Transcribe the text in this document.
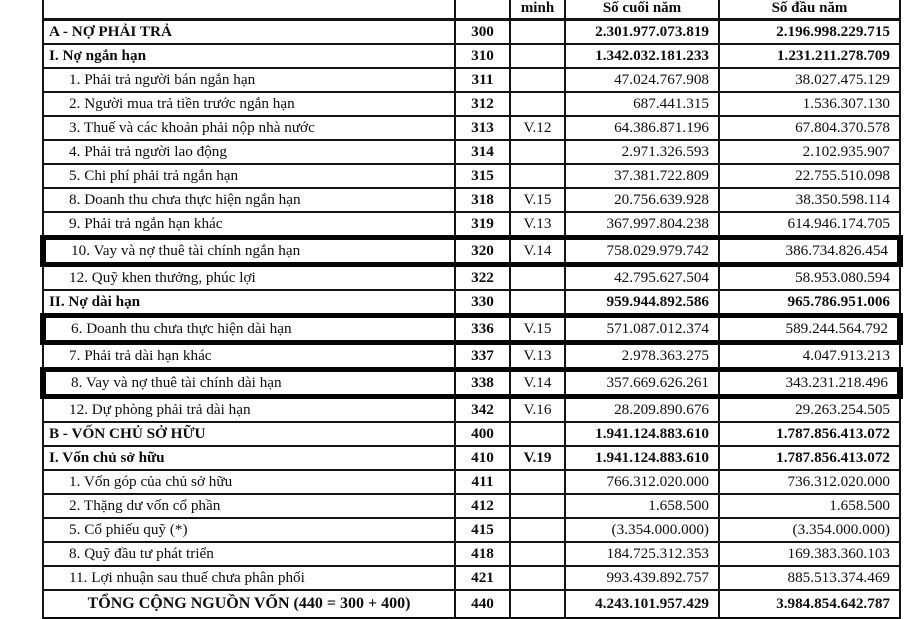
		minh	Số cuối năm	Số đầu năm
A - NỢ PHẢI TRẢ	300		2.301.977.073.819	2.196.998.229.715
I. Nợ ngắn hạn	310		1.342.032.181.233	1.231.211.278.709
1. Phải trả người bán ngắn hạn	311		47.024.767.908	38.027.475.129
2. Người mua trả tiền trước ngắn hạn	312		687.441.315	1.536.307.130
3. Thuế và các khoản phải nộp nhà nước	313	V.12	64.386.871.196	67.804.370.578
4. Phải trả người lao động	314		2.971.326.593	2.102.935.907
5. Chi phí phải trả ngắn hạn	315		37.381.722.809	22.755.510.098
8. Doanh thu chưa thực hiện ngắn hạn	318	V.15	20.756.639.928	38.350.598.114
9. Phải trả ngắn hạn khác	319	V.13	367.997.804.238	614.946.174.705
10. Vay và nợ thuê tài chính ngắn hạn	320	V.14	758.029.979.742	386.734.826.454
12. Quỹ khen thưởng, phúc lợi	322		42.795.627.504	58.953.080.594
II. Nợ dài hạn	330		959.944.892.586	965.786.951.006
6. Doanh thu chưa thực hiện dài hạn	336	V.15	571.087.012.374	589.244.564.792
7. Phải trả dài hạn khác	337	V.13	2.978.363.275	4.047.913.213
8. Vay và nợ thuê tài chính dài hạn	338	V.14	357.669.626.261	343.231.218.496
12. Dự phòng phải trả dài hạn	342	V.16	28.209.890.676	29.263.254.505
B - VỐN CHỦ SỞ HỮU	400		1.941.124.883.610	1.787.856.413.072
I. Vốn chủ sở hữu	410	V.19	1.941.124.883.610	1.787.856.413.072
1. Vốn góp của chủ sở hữu	411		766.312.020.000	736.312.020.000
2. Thặng dư vốn cổ phần	412		1.658.500	1.658.500
5. Cổ phiếu quỹ (*)	415		(3.354.000.000)	(3.354.000.000)
8. Quỹ đầu tư phát triển	418		184.725.312.353	169.383.360.103
11. Lợi nhuận sau thuế chưa phân phối	421		993.439.892.757	885.513.374.469
TỔNG CỘNG NGUỒN VỐN (440 = 300 + 400)	440		4.243.101.957.429	3.984.854.642.787
